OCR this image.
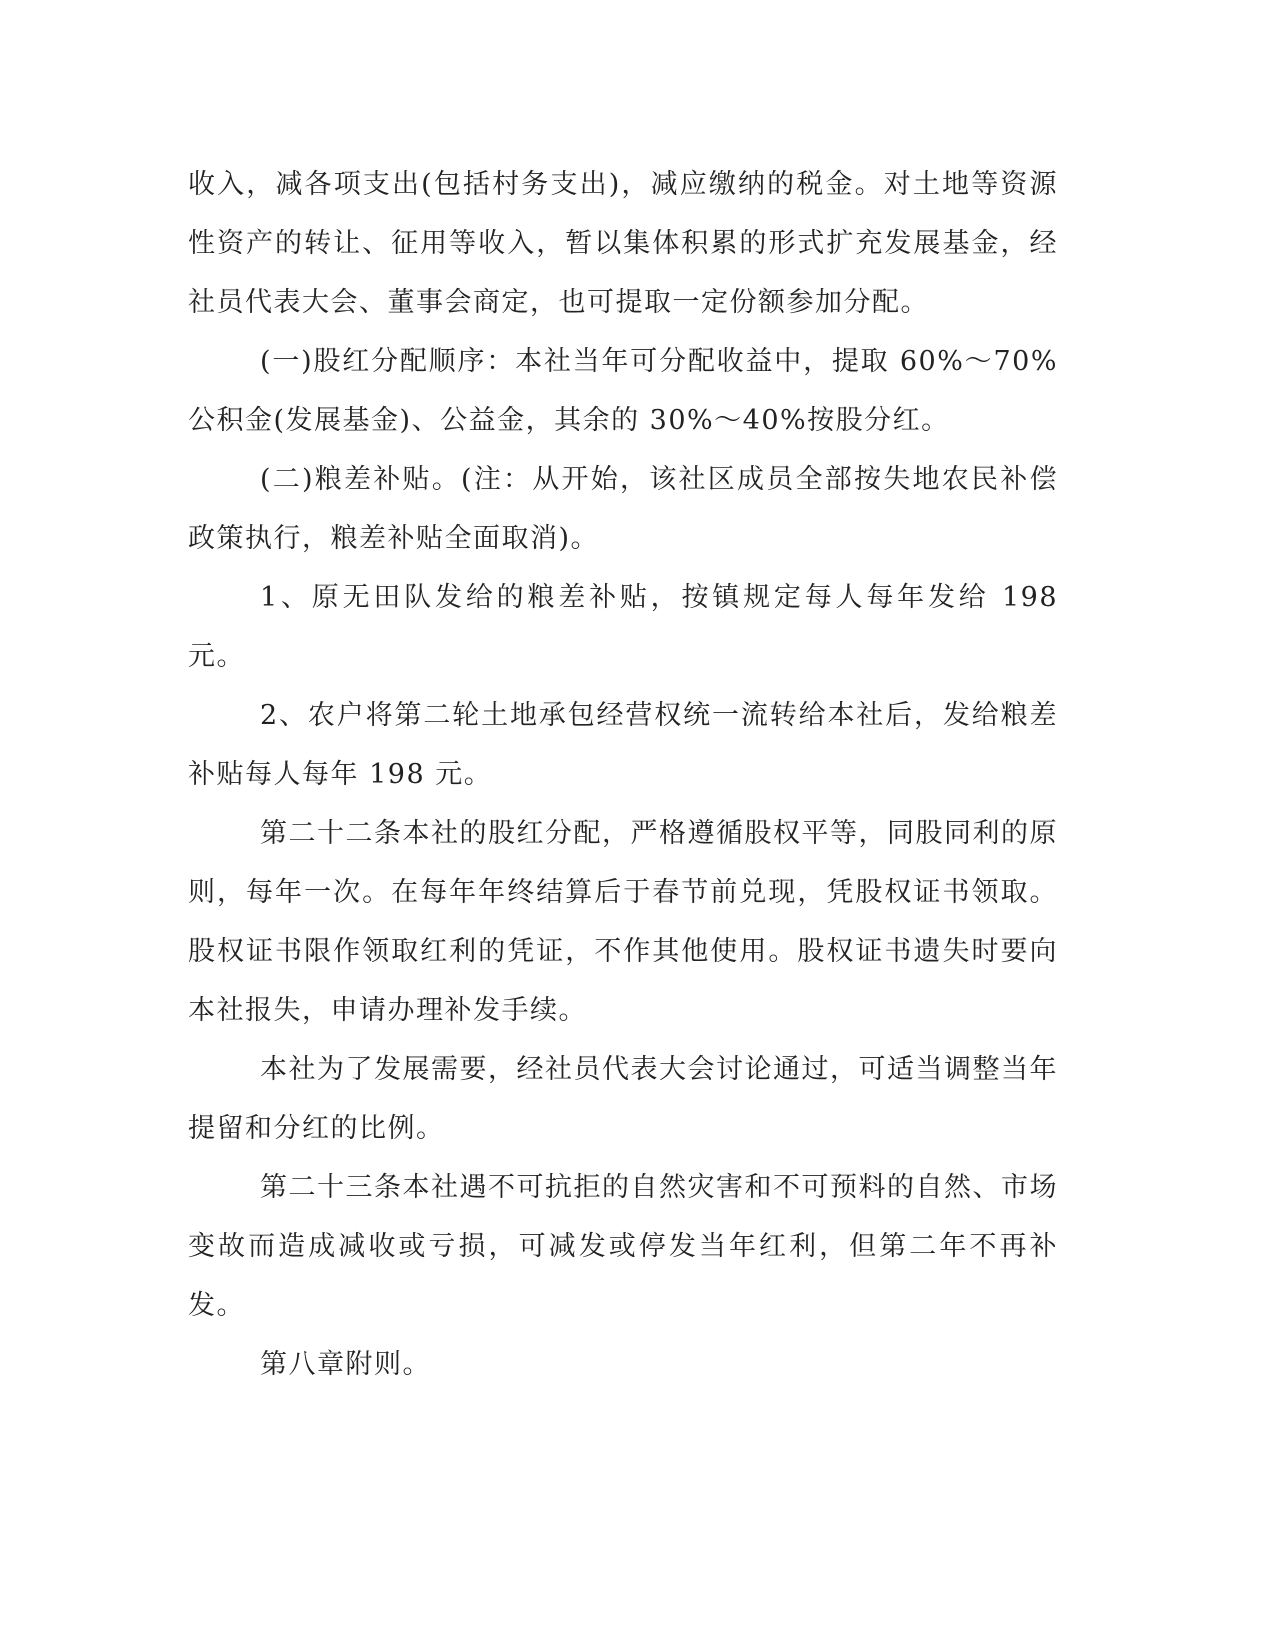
收入，减各项支出(包括村务支出)，减应缴纳的税金。对土地等资源性资产的转让、征用等收入，暂以集体积累的形式扩充发展基金，经社员代表大会、董事会商定，也可提取一定份额参加分配。

(一)股红分配顺序：本社当年可分配收益中，提取 60%～70%公积金(发展基金)、公益金，其余的 30%～40%按股分红。

(二)粮差补贴。(注：从开始，该社区成员全部按失地农民补偿政策执行，粮差补贴全面取消)。

1、原无田队发给的粮差补贴，按镇规定每人每年发给 198 元。

2、农户将第二轮土地承包经营权统一流转给本社后，发给粮差补贴每人每年 198 元。

第二十二条本社的股红分配，严格遵循股权平等，同股同利的原则，每年一次。在每年年终结算后于春节前兑现，凭股权证书领取。股权证书限作领取红利的凭证，不作其他使用。股权证书遗失时要向本社报失，申请办理补发手续。

本社为了发展需要，经社员代表大会讨论通过，可适当调整当年提留和分红的比例。

第二十三条本社遇不可抗拒的自然灾害和不可预料的自然、市场变故而造成减收或亏损，可减发或停发当年红利，但第二年不再补发。

第八章附则。
